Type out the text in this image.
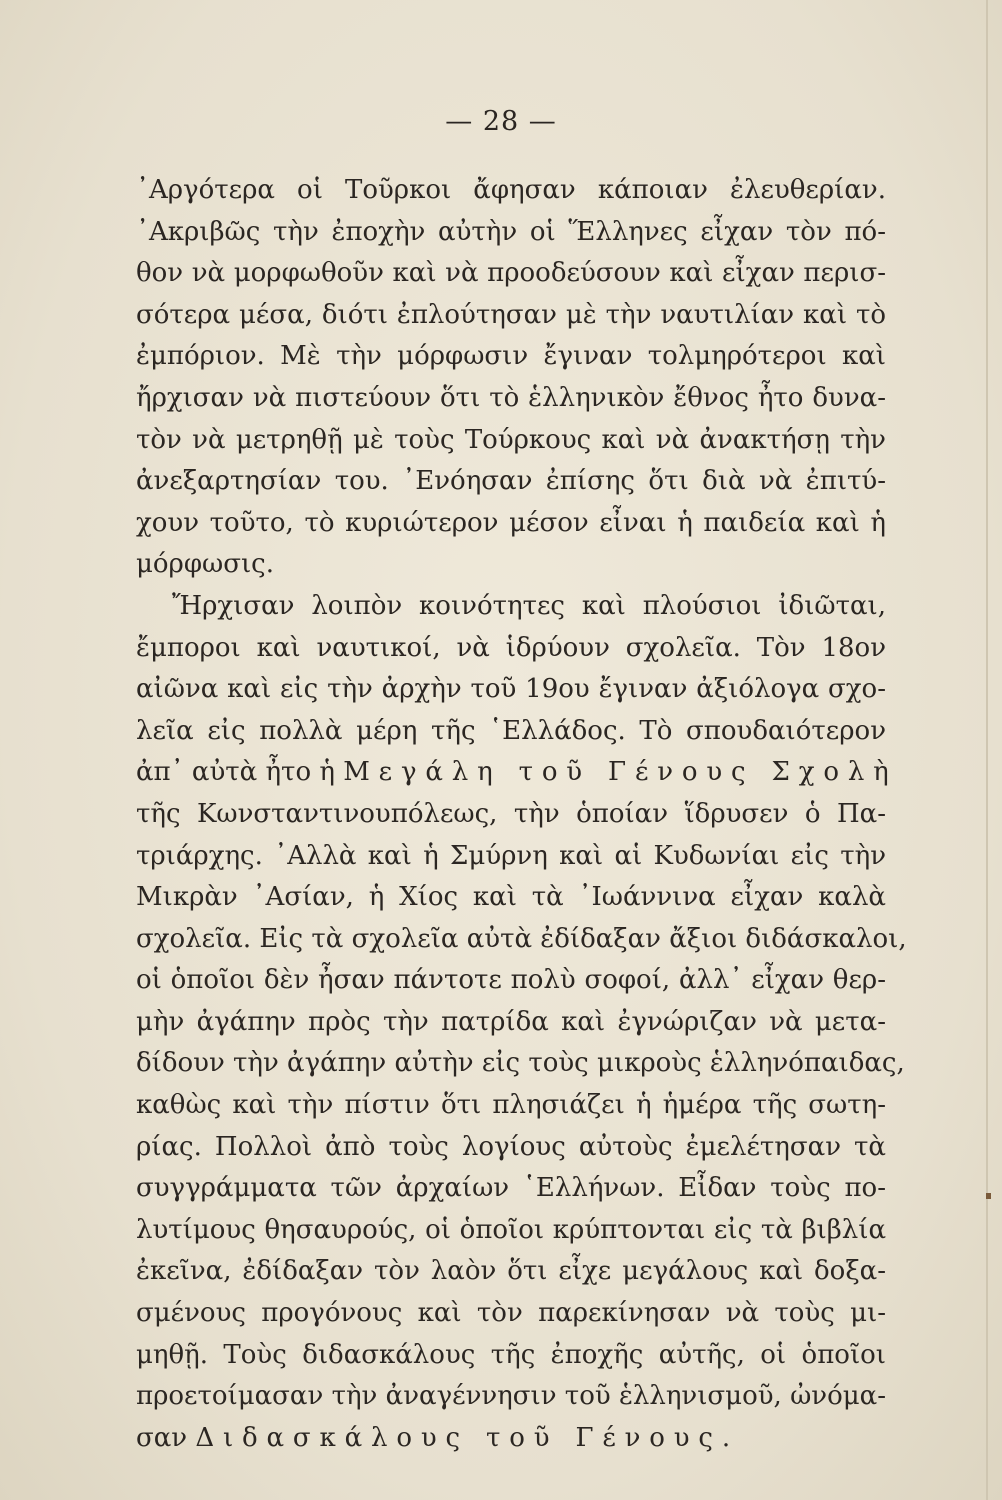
— 28 —
᾿Αργότερα οἱ Τοῦρκοι ἄφησαν κάποιαν ἐλευθερίαν.
᾿Ακριβῶς τὴν ἐποχὴν αὐτὴν οἱ Ἕλληνες εἶχαν τὸν πό-
θον νὰ μορφωθοῦν καὶ νὰ προοδεύσουν καὶ εἶχαν περισ-
σότερα μέσα, διότι ἐπλούτησαν μὲ τὴν ναυτιλίαν καὶ τὸ
ἐμπόριον. Μὲ τὴν μόρφωσιν ἔγιναν τολμηρότεροι καὶ
ἤρχισαν νὰ πιστεύουν ὅτι τὸ ἑλληνικὸν ἔθνος ἦτο δυνα-
τὸν νὰ μετρηθῇ μὲ τοὺς Τούρκους καὶ νὰ ἀνακτήσῃ τὴν
ἀνεξαρτησίαν του. ᾿Ενόησαν ἐπίσης ὅτι διὰ νὰ ἐπιτύ-
χουν τοῦτο, τὸ κυριώτερον μέσον εἶναι ἡ παιδεία καὶ ἡ
μόρφωσις.
Ἤρχισαν λοιπὸν κοινότητες καὶ πλούσιοι ἰδιῶται,
ἔμποροι καὶ ναυτικοί, νὰ ἱδρύουν σχολεῖα. Τὸν 18ον
αἰῶνα καὶ εἰς τὴν ἀρχὴν τοῦ 19ου ἔγιναν ἀξιόλογα σχο-
λεῖα εἰς πολλὰ μέρη τῆς ῾Ελλάδος. Τὸ σπουδαιότερον
ἀπ᾿ αὐτὰ ἦτο ἡ Μεγάλη τοῦ Γένους Σχολὴ
τῆς Κωνσταντινουπόλεως, τὴν ὁποίαν ἵδρυσεν ὁ Πα-
τριάρχης. ᾿Αλλὰ καὶ ἡ Σμύρνη καὶ αἱ Κυδωνίαι εἰς τὴν
Μικρὰν ᾿Ασίαν, ἡ Χίος καὶ τὰ ᾿Ιωάννινα εἶχαν καλὰ
σχολεῖα. Εἰς τὰ σχολεῖα αὐτὰ ἐδίδαξαν ἄξιοι διδάσκαλοι,
οἱ ὁποῖοι δὲν ἦσαν πάντοτε πολὺ σοφοί, ἀλλ᾿ εἶχαν θερ-
μὴν ἀγάπην πρὸς τὴν πατρίδα καὶ ἐγνώριζαν νὰ μετα-
δίδουν τὴν ἀγάπην αὐτὴν εἰς τοὺς μικροὺς ἑλληνόπαιδας,
καθὼς καὶ τὴν πίστιν ὅτι πλησιάζει ἡ ἡμέρα τῆς σωτη-
ρίας. Πολλοὶ ἀπὸ τοὺς λογίους αὐτοὺς ἐμελέτησαν τὰ
συγγράμματα τῶν ἀρχαίων ῾Ελλήνων. Εἶδαν τοὺς πο-
λυτίμους θησαυρούς, οἱ ὁποῖοι κρύπτονται εἰς τὰ βιβλία
ἐκεῖνα, ἐδίδαξαν τὸν λαὸν ὅτι εἶχε μεγάλους καὶ δοξα-
σμένους προγόνους καὶ τὸν παρεκίνησαν νὰ τοὺς μι-
μηθῇ. Τοὺς διδασκάλους τῆς ἐποχῆς αὐτῆς, οἱ ὁποῖοι
προετοίμασαν τὴν ἀναγέννησιν τοῦ ἑλληνισμοῦ, ὠνόμα-
σαν Διδασκάλους τοῦ Γένους.
